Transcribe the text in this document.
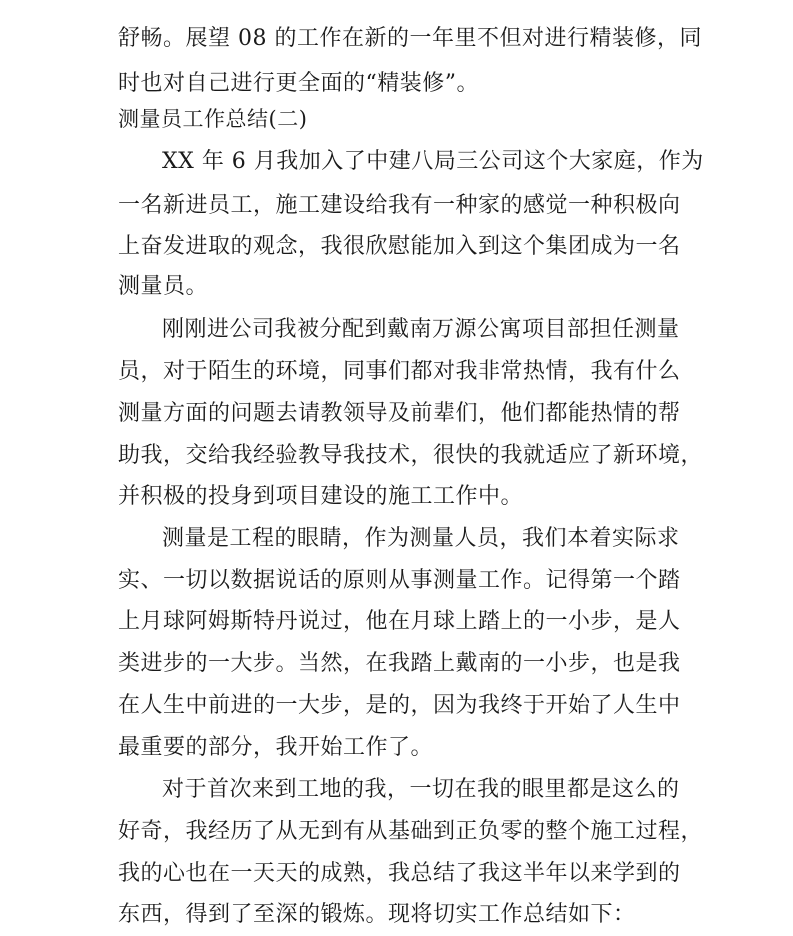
舒畅。展望 08 的工作在新的一年里不但对进行精装修，同
时也对自己进行更全面的“精装修”。
测量员工作总结(二)
XX 年 6 月我加入了中建八局三公司这个大家庭，作为
一名新进员工，施工建设给我有一种家的感觉一种积极向
上奋发进取的观念，我很欣慰能加入到这个集团成为一名
测量员。
刚刚进公司我被分配到戴南万源公寓项目部担任测量
员，对于陌生的环境，同事们都对我非常热情，我有什么
测量方面的问题去请教领导及前辈们，他们都能热情的帮
助我，交给我经验教导我技术，很快的我就适应了新环境，
并积极的投身到项目建设的施工工作中。
测量是工程的眼睛，作为测量人员，我们本着实际求
实、一切以数据说话的原则从事测量工作。记得第一个踏
上月球阿姆斯特丹说过，他在月球上踏上的一小步，是人
类进步的一大步。当然，在我踏上戴南的一小步，也是我
在人生中前进的一大步，是的，因为我终于开始了人生中
最重要的部分，我开始工作了。
对于首次来到工地的我，一切在我的眼里都是这么的
好奇，我经历了从无到有从基础到正负零的整个施工过程，
我的心也在一天天的成熟，我总结了我这半年以来学到的
东西，得到了至深的锻炼。现将切实工作总结如下：
